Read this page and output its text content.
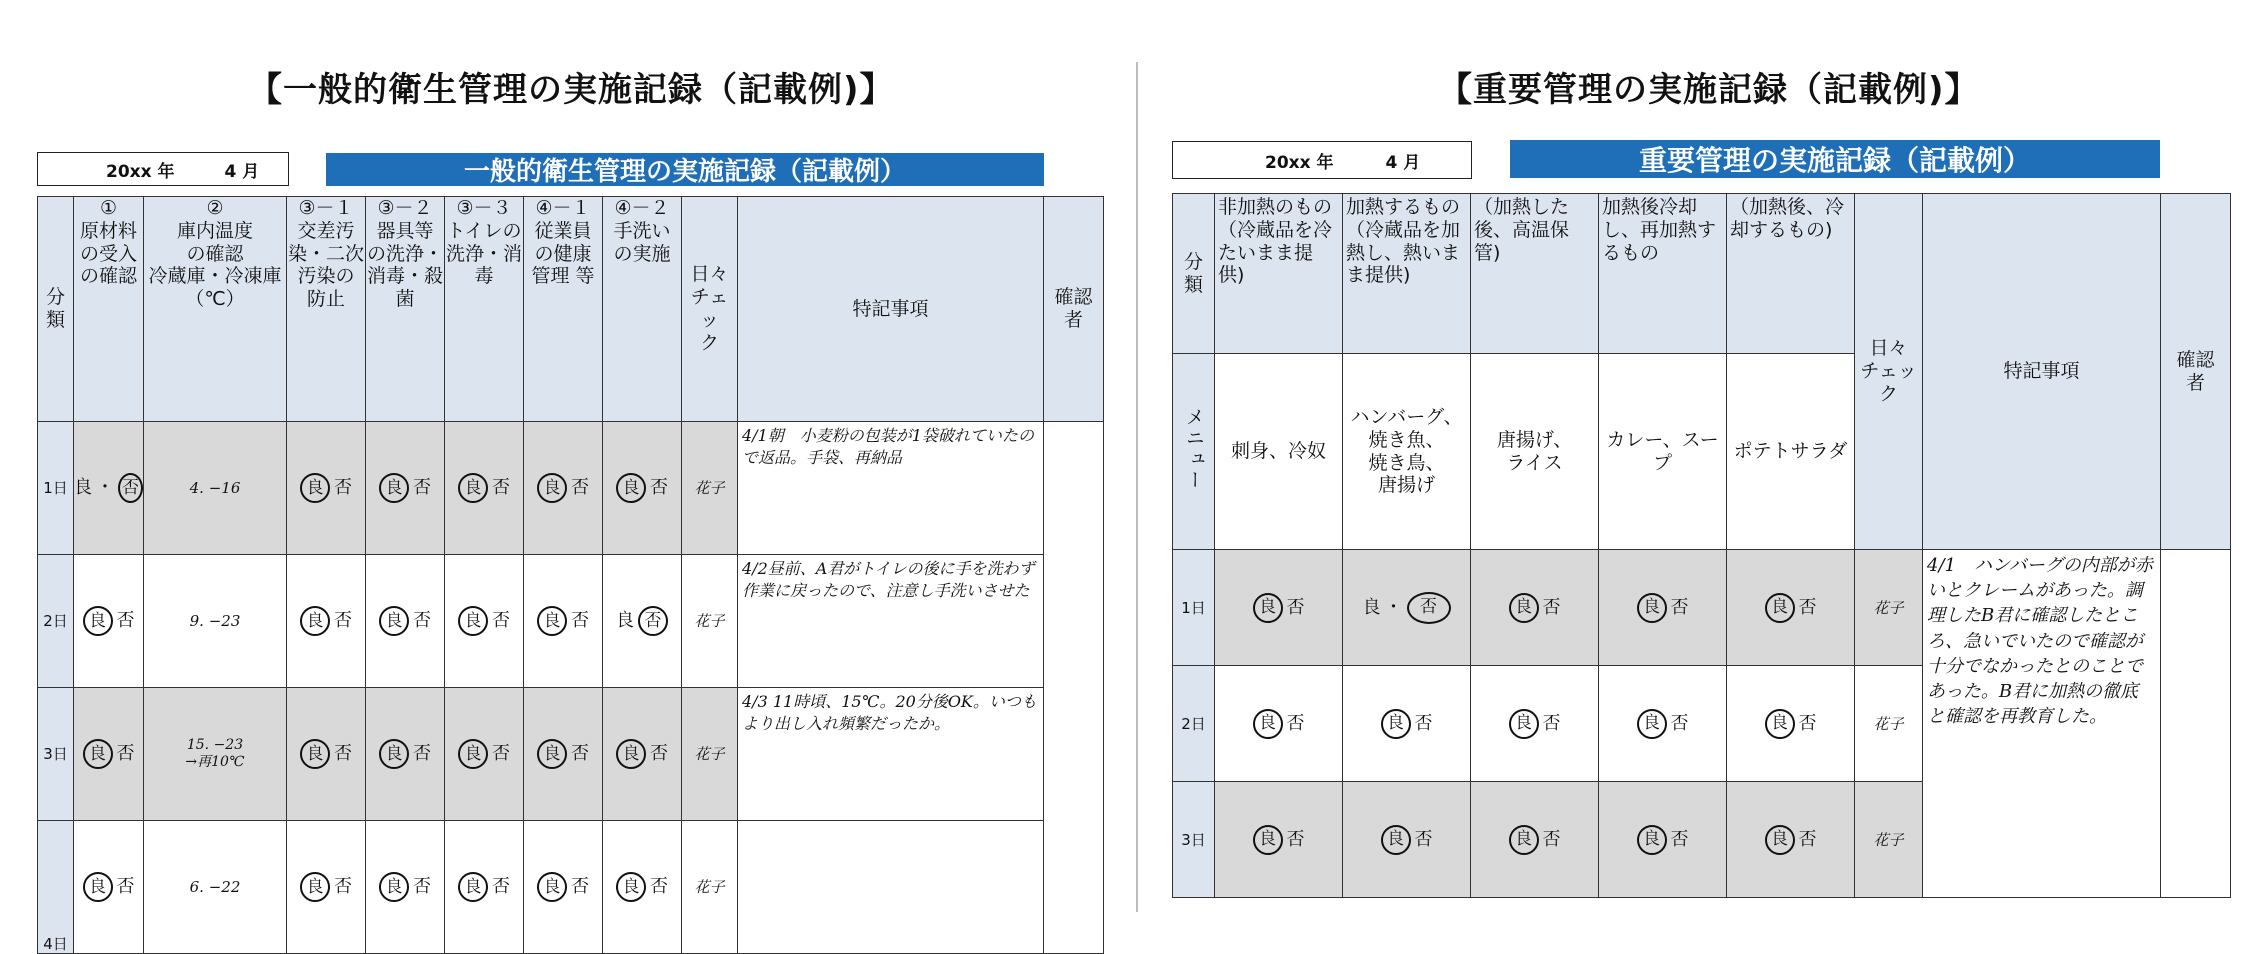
【一般的衛生管理の実施記録（記載例)】	【重要管理の実施記録（記載例)】
20xx 年	4 月	一般的衛生管理の実施記録（記載例）
分類	①
原材料
の受入
の確認	②
庫内温度
の確認
冷蔵庫・冷凍庫
（℃）	③－１
交差汚
染・二次
汚染の
防止	③－２
器具等
の洗浄・
消毒・殺
菌	③－３
トイレの
洗浄・消
毒	④－１
従業員
の健康
管理 等	④－２
手洗い
の実施	日々
チェッ
ク	特記事項	確認
者
1日	良 ・ 否	4. −16	良 否	良 否	良 否	良 否	良 否	花子	4/1朝　小麦粉の包装が1袋破れていたので返品。手袋、再納品	
2日	良 否	9. −23	良 否	良 否	良 否	良 否	良 否	花子	4/2昼前、A君がトイレの後に手を洗わず作業に戻ったので、注意し手洗いさせた	
3日	良 否	15. −23
→再10℃	良 否	良 否	良 否	良 否	良 否	花子	4/3 11時頃、15℃。20分後OK。いつもより出し入れ頻繁だったか。	
4日	良 否	6. −22	良 否	良 否	良 否	良 否	良 否	花子		
20xx 年	4 月	重要管理の実施記録（記載例）
分
類	非加熱のもの（冷蔵品を冷たいまま提供)	加熱するもの（冷蔵品を加熱し、熱いまま提供)	（加熱した後、高温保管)	加熱後冷却し、再加熱するもの	（加熱後、冷却するもの)	日々
チェック	特記事項	確認
者
メニュー	刺身、冷奴	ハンバーグ、
焼き魚、
焼き鳥、
唐揚げ	唐揚げ、
ライス	カレー、スープ	ポテトサラダ			
1日	良 否	良 ・ 否	良 否	良 否	良 否	花子	4/1　ハンバーグの内部が赤いとクレームがあった。調理したB君に確認したところ、急いでいたので確認が十分でなかったとのことであった。B君に加熱の徹底と確認を再教育した。	
2日	良 否	良 否	良 否	良 否	良 否	花子		
3日	良 否	良 否	良 否	良 否	良 否	花子		
